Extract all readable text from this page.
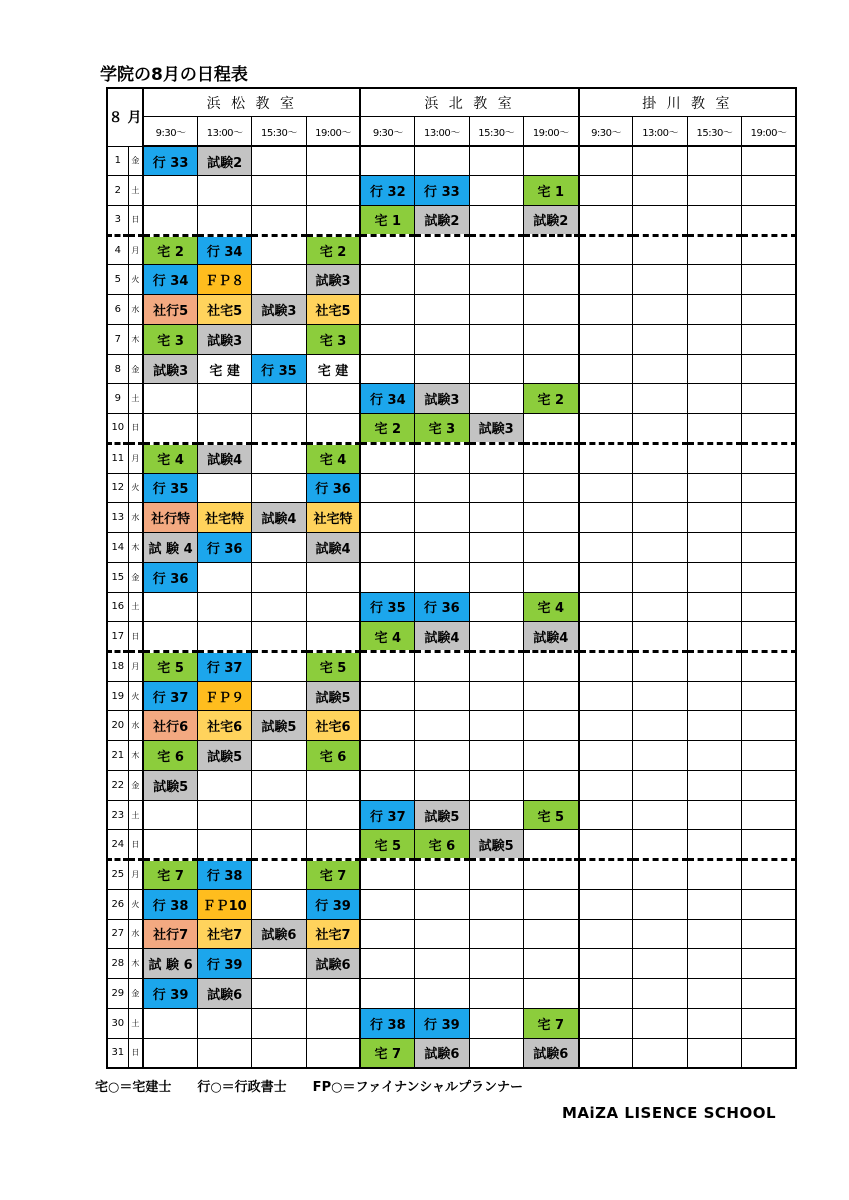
学院の8月の日程表
８ 月		浜 松 教 室				浜 北 教 室				掛 川 教 室			
		9:30～	13:00～	15:30～	19:00～	9:30～	13:00～	15:30～	19:00～	9:30～	13:00～	15:30～	19:00～
1	金	行 33	試験2										
2	土					行 32	行 33		宅 1				
3	日					宅 1	試験2		試験2				
4	月	宅 2	行 34		宅 2								
5	火	行 34	ＦＰ８		試験3								
6	水	社行5	社宅5	試験3	社宅5								
7	木	宅 3	試験3		宅 3								
8	金	試験3	宅 建	行 35	宅 建								
9	土					行 34	試験3		宅 2				
10	日					宅 2	宅 3	試験3					
11	月	宅 4	試験4		宅 4								
12	火	行 35			行 36								
13	水	社行特	社宅特	試験4	社宅特								
14	木	試 験 4	行 36		試験4								
15	金	行 36											
16	土					行 35	行 36		宅 4				
17	日					宅 4	試験4		試験4				
18	月	宅 5	行 37		宅 5								
19	火	行 37	ＦＰ９		試験5								
20	水	社行6	社宅6	試験5	社宅6								
21	木	宅 6	試験5		宅 6								
22	金	試験5											
23	土					行 37	試験5		宅 5				
24	日					宅 5	宅 6	試験5					
25	月	宅 7	行 38		宅 7								
26	火	行 38	ＦＰ10		行 39								
27	水	社行7	社宅7	試験6	社宅7								
28	木	試 験 6	行 39		試験6								
29	金	行 39	試験6										
30	土					行 38	行 39		宅 7				
31	日					宅 7	試験6		試験6				
宅○＝宅建士　　行○＝行政書士　　FP○＝ファイナンシャルプランナー
MAiZA LISENCE SCHOOL
